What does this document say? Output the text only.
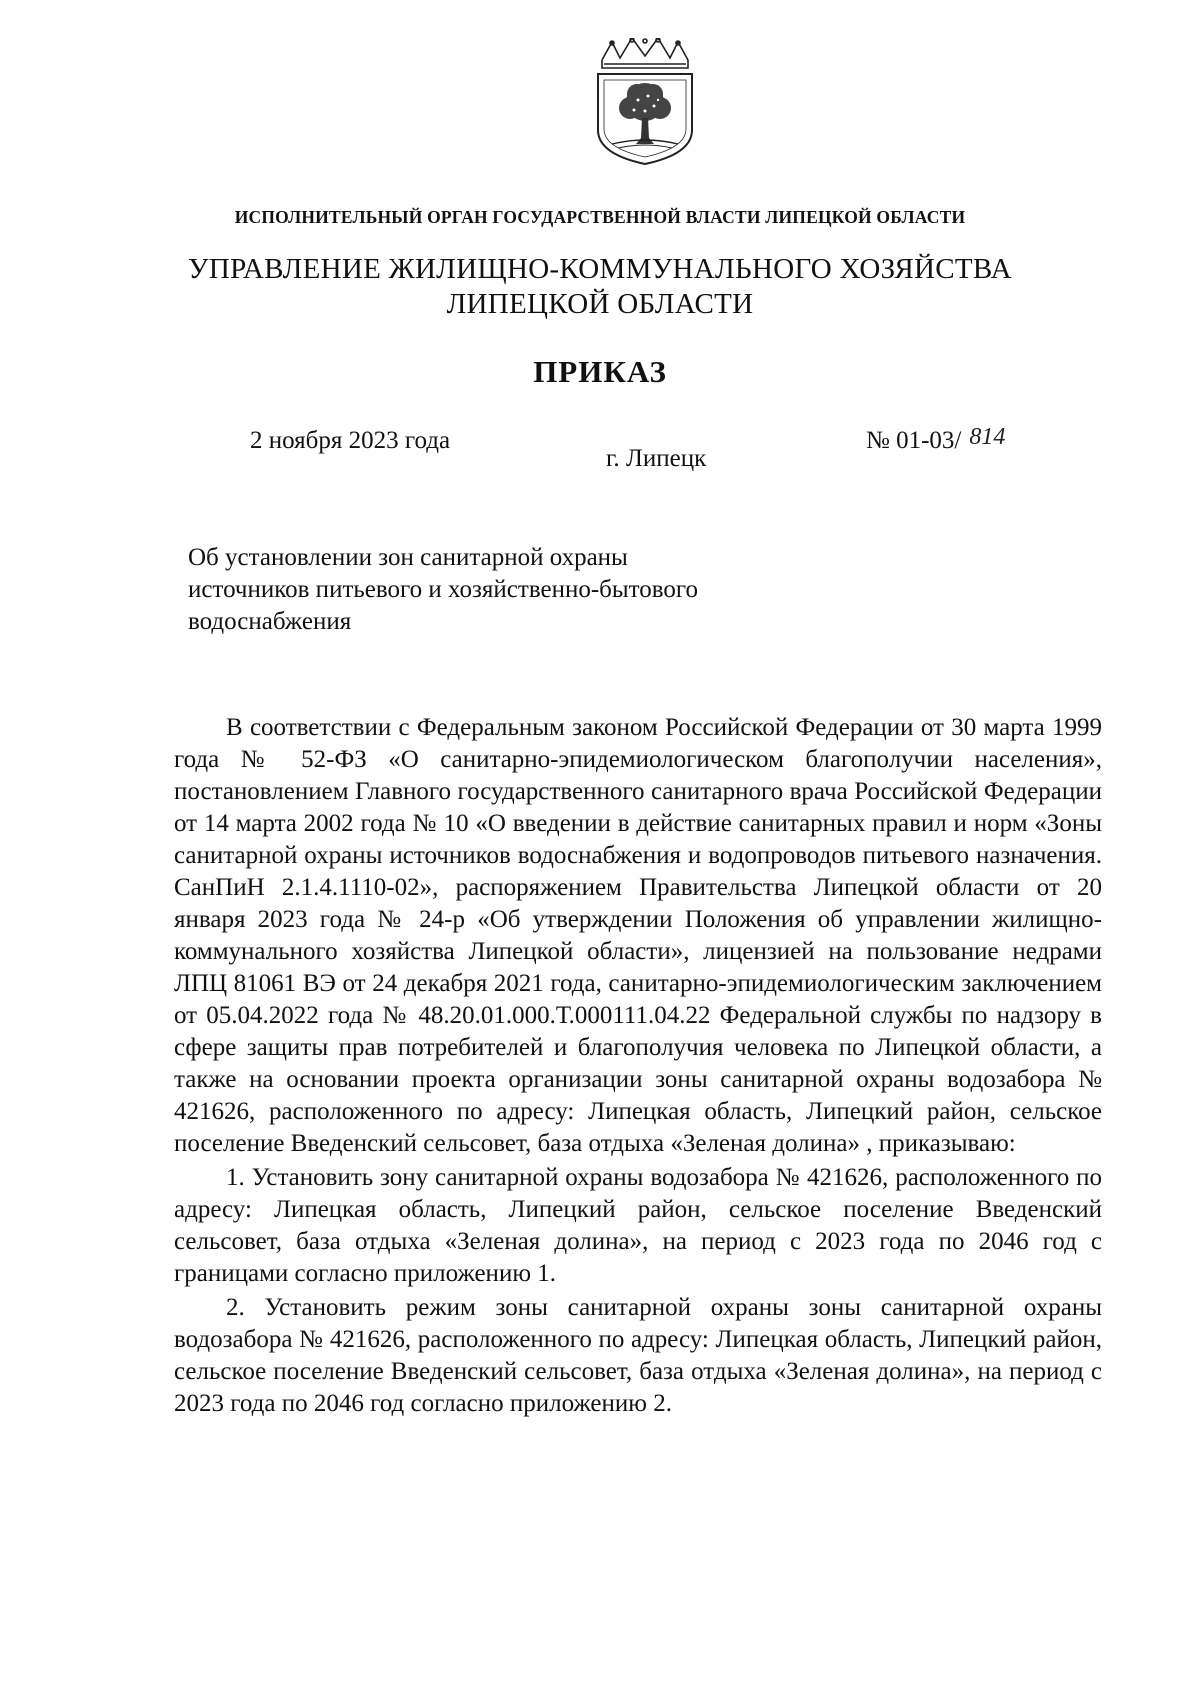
ИСПОЛНИТЕЛЬНЫЙ ОРГАН ГОСУДАРСТВЕННОЙ ВЛАСТИ ЛИПЕЦКОЙ ОБЛАСТИ
УПРАВЛЕНИЕ ЖИЛИЩНО-КОММУНАЛЬНОГО ХОЗЯЙСТВА
ЛИПЕЦКОЙ ОБЛАСТИ
ПРИКАЗ
2 ноября 2023 года
г. Липецк
№ 01-03/ 814
Об установлении зон санитарной охраны
источников питьевого и хозяйственно-бытового
водоснабжения

В соответствии с Федеральным законом Российской Федерации от 30 марта 1999 года № 52-ФЗ «О санитарно-эпидемиологическом благополучии населения», постановлением Главного государственного санитарного врача Российской Федерации от 14 марта 2002 года № 10 «О введении в действие санитарных правил и норм «Зоны санитарной охраны источников водоснабжения и водопроводов питьевого назначения. СанПиН 2.1.4.1110-02», распоряжением Правительства Липецкой области от 20 января 2023 года № 24-р «Об утверждении Положения об управлении жилищно-коммунального хозяйства Липецкой области», лицензией на пользование недрами ЛПЦ 81061 ВЭ от 24 декабря 2021 года, санитарно-эпидемиологическим заключением от 05.04.2022 года № 48.20.01.000.Т.000111.04.22 Федеральной службы по надзору в сфере защиты прав потребителей и благополучия человека по Липецкой области, а также на основании проекта организации зоны санитарной охраны водозабора № 421626, расположенного по адресу: Липецкая область, Липецкий район, сельское поселение Введенский сельсовет, база отдыха «Зеленая долина» , приказываю:

1. Установить зону санитарной охраны водозабора № 421626, расположенного по адресу: Липецкая область, Липецкий район, сельское поселение Введенский сельсовет, база отдыха «Зеленая долина», на период с 2023 года по 2046 год с границами согласно приложению 1.

2. Установить режим зоны санитарной охраны зоны санитарной охраны водозабора № 421626, расположенного по адресу: Липецкая область, Липецкий район, сельское поселение Введенский сельсовет, база отдыха «Зеленая долина», на период с 2023 года по 2046 год согласно приложению 2.
